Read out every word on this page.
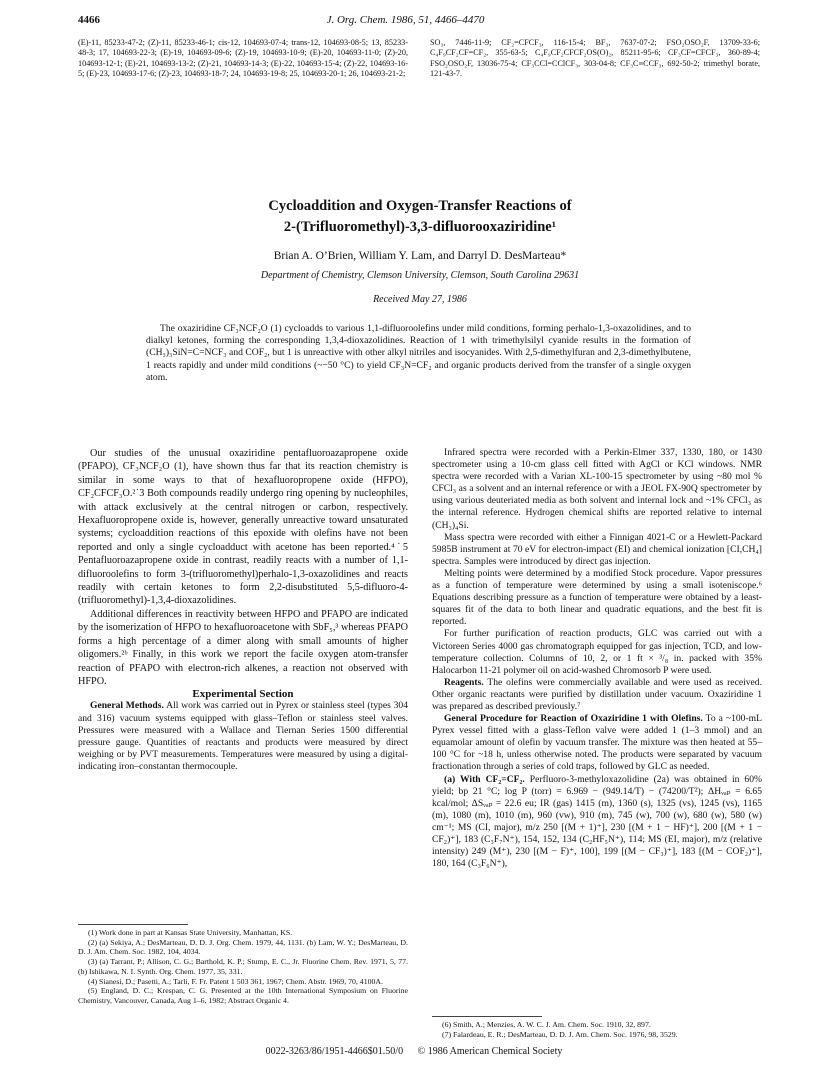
4466	J. Org. Chem. 1986, 51, 4466–4470
(E)-11, 85233-47-2; (Z)-11, 85233-46-1; cis-12, 104693-07-4; trans-12, 104693-08-5; 13, 85233-48-3; 17, 104693-22-3; (E)-19, 104693-09-6; (Z)-19, 104693-10-9; (E)-20, 104693-11-0; (Z)-20, 104693-12-1; (E)-21, 104693-13-2; (Z)-21, 104693-14-3; (E)-22, 104693-15-4; (Z)-22, 104693-16-5; (E)-23, 104693-17-6; (Z)-23, 104693-18-7; 24, 104693-19-8; 25, 104693-20-1; 26, 104693-21-2;
SO₃, 7446-11-9; CF₂=CFCF₃, 116-15-4; BF₃, 7637-07-2; FSO₂OSO₂F, 13709-33-6; C₄F₉CF₂CF=CF₂, 355-63-5; C₄F₉CF₂CFCF₂OS(O)₂, 85211-95-6; CF₃CF=CFCF₃, 360-89-4; FSO₂OSO₂F, 13036-75-4; CF₃CCl=CClCF₃, 303-04-8; CF₃C≡CCF₃, 692-50-2; trimethyl borate, 121-43-7.
Cycloaddition and Oxygen-Transfer Reactions of
2-(Trifluoromethyl)-3,3-difluorooxaziridine¹
Brian A. O’Brien, William Y. Lam, and Darryl D. DesMarteau*
Department of Chemistry, Clemson University, Clemson, South Carolina 29631
Received May 27, 1986
The oxaziridine CF₃NCF₂O (1) cycloadds to various 1,1-difluoroolefins under mild conditions, forming perhalo-1,3-oxazolidines, and to dialkyl ketones, forming the corresponding 1,3,4-dioxazolidines. Reaction of 1 with trimethylsilyl cyanide results in the formation of (CH₃)₃SiN=C=NCF₃ and COF₂, but 1 is unreactive with other alkyl nitriles and isocyanides. With 2,5-dimethylfuran and 2,3-dimethylbutene, 1 reacts rapidly and under mild conditions (~−50 °C) to yield CF₃N=CF₂ and organic products derived from the transfer of a single oxygen atom.

Our studies of the unusual oxaziridine pentafluoroazapropene oxide (PFAPO), CF₃NCF₂O (1), have shown thus far that its reaction chemistry is similar in some ways to that of hexafluoropropene oxide (HFPO), CF₂CFCF₃O.²˙3 Both compounds readily undergo ring opening by nucleophiles, with attack exclusively at the central nitrogen or carbon, respectively. Hexafluoropropene oxide is, however, generally unreactive toward unsaturated systems; cycloaddition reactions of this epoxide with olefins have not been reported and only a single cycloadduct with acetone has been reported.⁴˙5 Pentafluoroazapropene oxide in contrast, readily reacts with a number of 1,1-difluoroolefins to form 3-(trifluoromethyl)perhalo-1,3-oxazolidines and reacts readily with certain ketones to form 2,2-disubstituted 5,5-difluoro-4-(trifluoromethyl)-1,3,4-dioxazolidines.

Additional differences in reactivity between HFPO and PFAPO are indicated by the isomerization of HFPO to hexafluoroacetone with SbF₅,³ whereas PFAPO forms a high percentage of a dimer along with small amounts of higher oligomers.²ᵇ Finally, in this work we report the facile oxygen atom-transfer reaction of PFAPO with electron-rich alkenes, a reaction not observed with HFPO.

Experimental Section

General Methods. All work was carried out in Pyrex or stainless steel (types 304 and 316) vacuum systems equipped with glass–Teflon or stainless steel valves. Pressures were measured with a Wallace and Tiernan Series 1500 differential pressure gauge. Quantities of reactants and products were measured by direct weighing or by PVT measurements. Temperatures were measured by using a digital-indicating iron–constantan thermocouple.

(1) Work done in part at Kansas State University, Manhattan, KS.

(2) (a) Sekiya, A.; DesMarteau, D. D. J. Org. Chem. 1979, 44, 1131. (b) Lam, W. Y.; DesMarteau, D. D. J. Am. Chem. Soc. 1982, 104, 4034.

(3) (a) Tarrant, P.; Allison, C. G.; Barthold, K. P.; Stump, E. C., Jr. Fluorine Chem. Rev. 1971, 5, 77. (b) Ishikawa, N. I. Synth. Org. Chem. 1977, 35, 331.

(4) Sianesi, D.; Pasetti, A.; Tarli, F. Fr. Patent 1 503 361, 1967; Chem. Abstr. 1969, 70, 4100A.

(5) England, D. C.; Krespan, C. G. Presented at the 10th International Symposium on Fluorine Chemistry, Vancouver, Canada, Aug 1–6, 1982; Abstract Organic 4.

Infrared spectra were recorded with a Perkin-Elmer 337, 1330, 180, or 1430 spectrometer using a 10-cm glass cell fitted with AgCl or KCl windows. NMR spectra were recorded with a Varian XL-100-15 spectrometer by using ~80 mol % CFCl₃ as a solvent and an internal reference or with a JEOL FX-90Q spectrometer by using various deuteriated media as both solvent and internal lock and ~1% CFCl₃ as the internal reference. Hydrogen chemical shifts are reported relative to internal (CH₃)₄Si.

Mass spectra were recorded with either a Finnigan 4021-C or a Hewlett-Packard 5985B instrument at 70 eV for electron-impact (EI) and chemical ionization [CI,CH₄] spectra. Samples were introduced by direct gas injection.

Melting points were determined by a modified Stock procedure. Vapor pressures as a function of temperature were determined by using a small isoteniscope.⁶ Equations describing pressure as a function of temperature were obtained by a least-squares fit of the data to both linear and quadratic equations, and the best fit is reported.

For further purification of reaction products, GLC was carried out with a Victoreen Series 4000 gas chromatograph equipped for gas injection, TCD, and low-temperature collection. Columns of 10, 2, or 1 ft × ³/₈ in. packed with 35% Halocarbon 11-21 polymer oil on acid-washed Chromosorb P were used.

Reagents. The olefins were commercially available and were used as received. Other organic reactants were purified by distillation under vacuum. Oxaziridine 1 was prepared as described previously.⁷

General Procedure for Reaction of Oxaziridine 1 with Olefins. To a ~100-mL Pyrex vessel fitted with a glass-Teflon valve were added 1 (1–3 mmol) and an equamolar amount of olefin by vacuum transfer. The mixture was then heated at 55–100 °C for ~18 h, unless otherwise noted. The products were separated by vacuum fractionation through a series of cold traps, followed by GLC as needed.

(a) With CF₂=CF₂. Perfluoro-3-methyloxazolidine (2a) was obtained in 60% yield; bp 21 °C; log P (torr) = 6.969 − (949.14/T) − (74200/T²); ΔHᵥₐₚ = 6.65 kcal/mol; ΔSᵥₐₚ = 22.6 eu; IR (gas) 1415 (m), 1360 (s), 1325 (vs), 1245 (vs), 1165 (m), 1080 (m), 1010 (m), 960 (vw), 910 (m), 745 (w), 700 (w), 680 (w), 580 (w) cm⁻¹; MS (CI, major), m/z 250 [(M + 1)⁺], 230 [(M + 1 − HF)⁺], 200 [(M + 1 − CF₂)⁺], 183 (C₃F₇N⁺), 154, 152, 134 (C₂HF₅N⁺), 114; MS (EI, major), m/z (relative intensity) 249 (M⁺), 230 [(M − F)⁺, 100], 199 [(M − CF₃)⁺], 183 [(M − COF₂)⁺], 180, 164 (C₃F₆N⁺),

(6) Smith, A.; Menzies, A. W. C. J. Am. Chem. Soc. 1910, 32, 897.

(7) Falardeau, E. R.; DesMarteau, D. D. J. Am. Chem. Soc. 1976, 98, 3529.

0022-3263/86/1951-4466$01.50/0 © 1986 American Chemical Society
